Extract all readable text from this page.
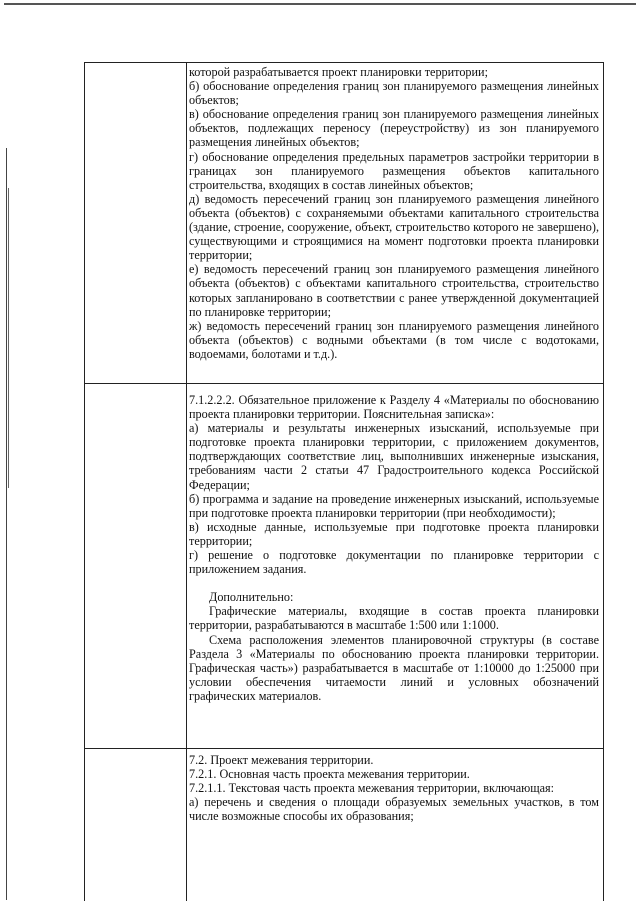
которой разрабатывается проект планировки территории;

б) обоснование определения границ зон планируемого размещения линейных объектов;

в) обоснование определения границ зон планируемого размещения линейных объектов, подлежащих переносу (переустройству) из зон планируемого размещения линейных объектов;

г) обоснование определения предельных параметров застройки территории в границах зон планируемого размещения объектов капитального строительства, входящих в состав линейных объектов;

д) ведомость пересечений границ зон планируемого размещения линейного объекта (объектов) с сохраняемыми объектами капитального строительства (здание, строение, сооружение, объект, строительство которого не завершено), существующими и строящимися на момент подготовки проекта планировки территории;

е) ведомость пересечений границ зон планируемого размещения линейного объекта (объектов) с объектами капитального строительства, строительство которых запланировано в соответствии с ранее утвержденной документацией по планировке территории;

ж) ведомость пересечений границ зон планируемого размещения линейного объекта (объектов) с водными объектами (в том числе с водотоками, водоемами, болотами и т.д.).

7.1.2.2.2. Обязательное приложение к Разделу 4 «Материалы по обоснованию проекта планировки территории. Пояснительная записка»:

а) материалы и результаты инженерных изысканий, используемые при подготовке проекта планировки территории, с приложением документов, подтверждающих соответствие лиц, выполнивших инженерные изыскания, требованиям части 2 статьи 47 Градостроительного кодекса Российской Федерации;

б) программа и задание на проведение инженерных изысканий, используемые при подготовке проекта планировки территории (при необходимости);

в) исходные данные, используемые при подготовке проекта планировки территории;

г) решение о подготовке документации по планировке территории с приложением задания.

Дополнительно:

Графические материалы, входящие в состав проекта планировки территории, разрабатываются в масштабе 1:500 или 1:1000.

Схема расположения элементов планировочной структуры (в составе Раздела 3 «Материалы по обоснованию проекта планировки территории. Графическая часть») разрабатывается в масштабе от 1:10000 до 1:25000 при условии обеспечения читаемости линий и условных обозначений графических материалов.

7.2. Проект межевания территории.

7.2.1. Основная часть проекта межевания территории.

7.2.1.1. Текстовая часть проекта межевания территории, включающая:

а) перечень и сведения о площади образуемых земельных участков, в том числе возможные способы их образования;
